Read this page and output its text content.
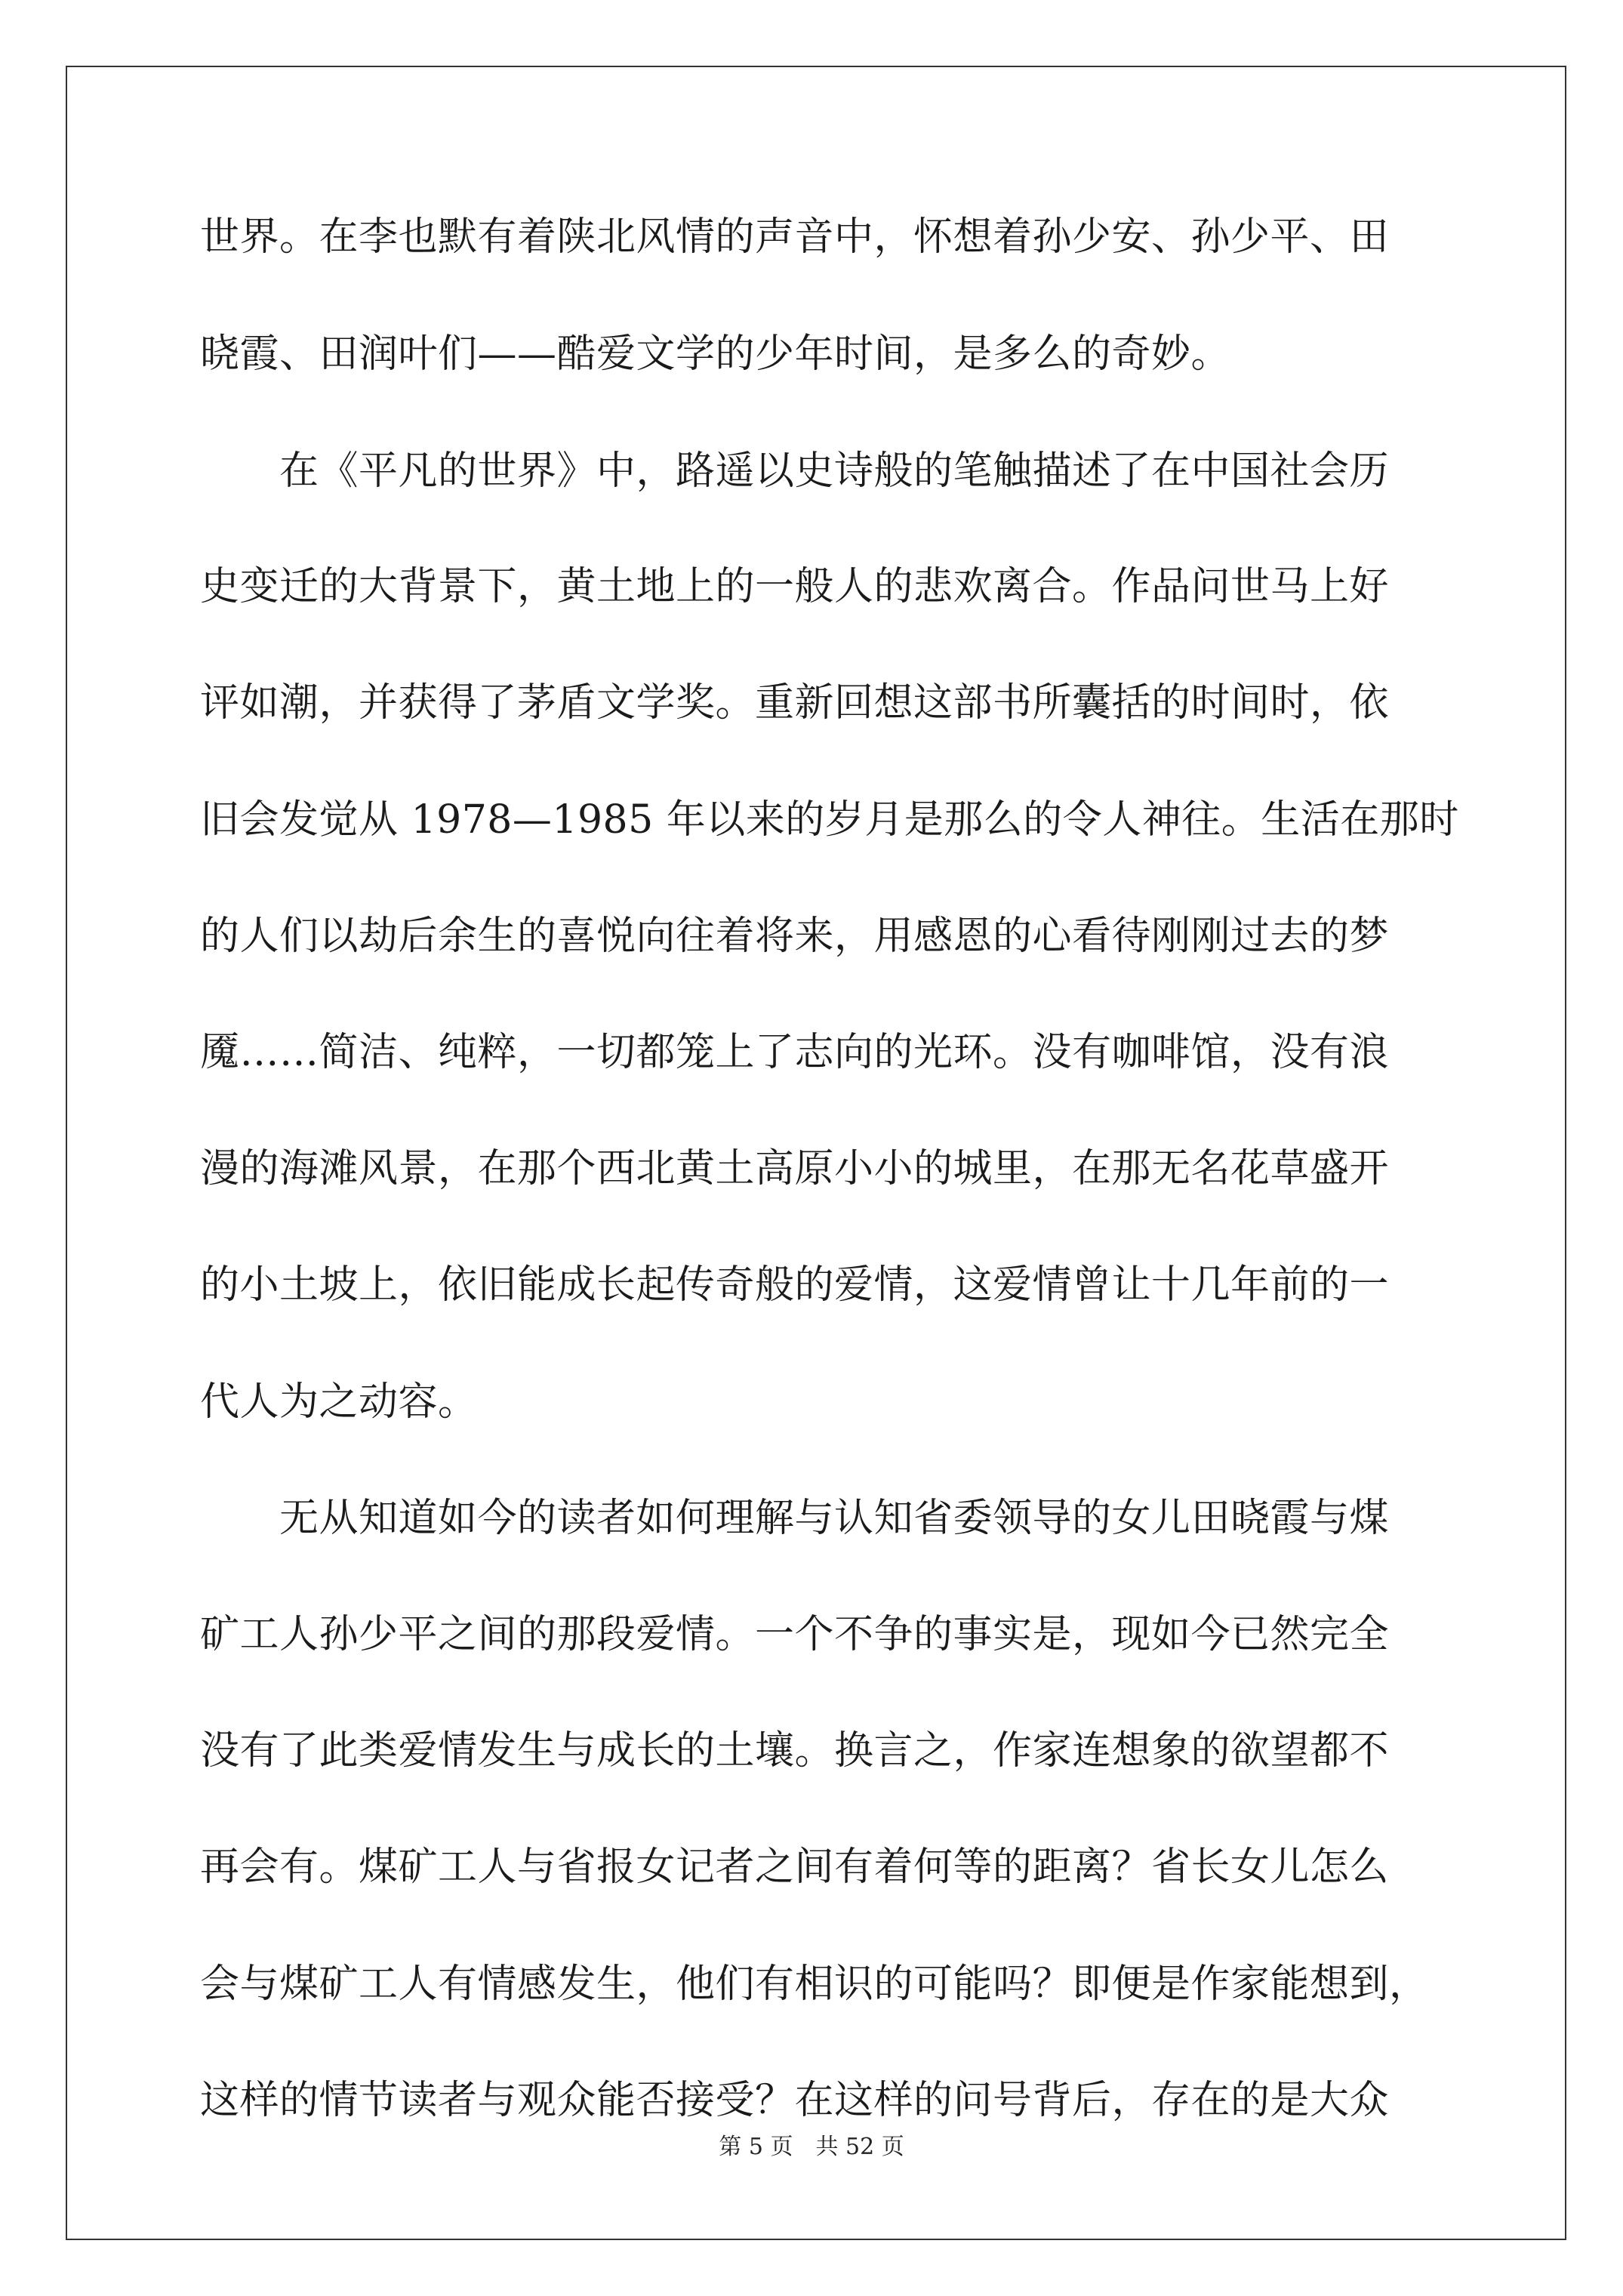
世界。在李也默有着陕北风情的声音中，怀想着孙少安、孙少平、田
晓霞、田润叶们——酷爱文学的少年时间，是多么的奇妙。
　　在《平凡的世界》中，路遥以史诗般的笔触描述了在中国社会历
史变迁的大背景下，黄土地上的一般人的悲欢离合。作品问世马上好
评如潮，并获得了茅盾文学奖。重新回想这部书所囊括的时间时，依
旧会发觉从 1978—1985 年以来的岁月是那么的令人神往。生活在那时
的人们以劫后余生的喜悦向往着将来，用感恩的心看待刚刚过去的梦
魇……简洁、纯粹，一切都笼上了志向的光环。没有咖啡馆，没有浪
漫的海滩风景，在那个西北黄土高原小小的城里，在那无名花草盛开
的小土坡上，依旧能成长起传奇般的爱情，这爱情曾让十几年前的一
代人为之动容。
　　无从知道如今的读者如何理解与认知省委领导的女儿田晓霞与煤
矿工人孙少平之间的那段爱情。一个不争的事实是，现如今已然完全
没有了此类爱情发生与成长的土壤。换言之，作家连想象的欲望都不
再会有。煤矿工人与省报女记者之间有着何等的距离？省长女儿怎么
会与煤矿工人有情感发生，他们有相识的可能吗？即便是作家能想到，
这样的情节读者与观众能否接受？在这样的问号背后，存在的是大众
第 5 页　共 52 页
